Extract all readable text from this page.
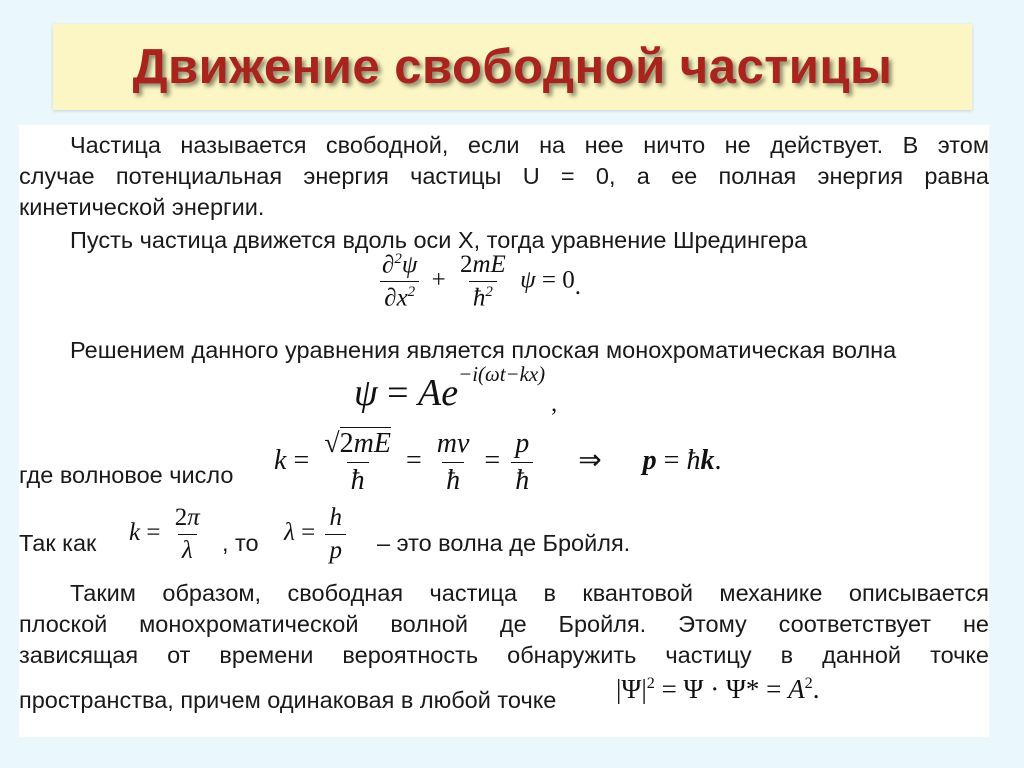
Движение свободной частицы
Частица называется свободной, если на нее ничто не действует. В этом
случае потенциальная энергия частицы U = 0, а ее полная энергия равна
кинетической энергии.
Пусть частица движется вдоль оси X, тогда уравнение Шредингера
$\frac{\partial^2\psi}{\partial x^2} + \frac{2mE}{ħ^2}$ ψ = 0.
Решением данного уравнения является плоская монохроматическая волна
$\psi = Ae^{-i(\omega t-kx)}$ ,
где волновое число $k = \frac{√2mE}{ħ} = \frac{mv}{ħ} = \frac{p}{ħ}$ ⇒ p = ħk.
Так как $k = \frac{2\pi}{\lambda}$ , то $\lambda = \frac{h}{p}$ – это волна де Бройля.
Таким образом, свободная частица в квантовой механике описывается
плоской монохроматической волной де Бройля. Этому соответствует не
зависящая от времени вероятность обнаружить частицу в данной точке
пространства, причем одинаковая в любой точке $|\Psi|^2 = \Psi \cdot \Psi* = A^2$.
